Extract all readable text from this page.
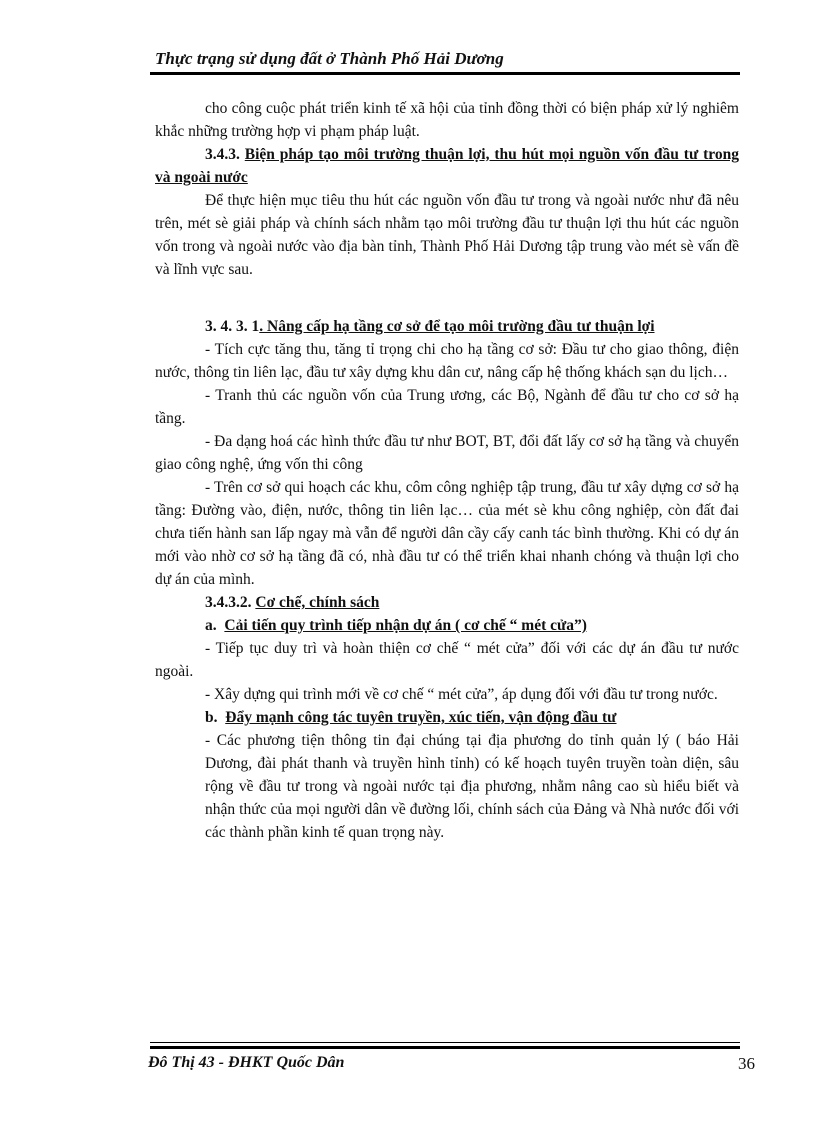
Thực trạng sử dụng đất ở Thành Phố Hải Dương

cho công cuộc phát triển kinh tế xã hội của tỉnh đồng thời có biện pháp xử lý nghiêm khắc những trường hợp vi phạm pháp luật.

3.4.3. Biện pháp tạo môi trường thuận lợi, thu hút mọi nguồn vốn đầu tư trong và ngoài nước

Để thực hiện mục tiêu thu hút các nguồn vốn đầu tư trong và ngoài nước như đã nêu trên, mét sè giải pháp và chính sách nhằm tạo môi trường đầu tư thuận lợi thu hút các nguồn vốn trong và ngoài nước vào địa bàn tỉnh, Thành Phố Hải Dương tập trung vào mét sè vấn đề và lĩnh vực sau.

3. 4. 3. 1. Nâng cấp hạ tầng cơ sở để tạo môi trường đầu tư thuận lợi

- Tích cực tăng thu, tăng tỉ trọng chi cho hạ tầng cơ sở: Đầu tư cho giao thông, điện nước, thông tin liên lạc, đầu tư xây dựng khu dân cư, nâng cấp hệ thống khách sạn du lịch…

- Tranh thủ các nguồn vốn của Trung ương, các Bộ, Ngành để đầu tư cho cơ sở hạ tầng.

- Đa dạng hoá các hình thức đầu tư như BOT, BT, đổi đất lấy cơ sở hạ tầng và chuyển giao công nghệ, ứng vốn thi công

- Trên cơ sở qui hoạch các khu, côm công nghiệp tập trung, đầu tư xây dựng cơ sở hạ tầng: Đường vào, điện, nước, thông tin liên lạc… của mét sè khu công nghiệp, còn đất đai chưa tiến hành san lấp ngay mà vẫn để người dân cầy cấy canh tác bình thường. Khi có dự án mới vào nhờ cơ sở hạ tầng đã có, nhà đầu tư có thể triển khai nhanh chóng và thuận lợi cho dự án của mình.

3.4.3.2. Cơ chế, chính sách

a. Cải tiến quy trình tiếp nhận dự án ( cơ chế “ mét cửa”)

- Tiếp tục duy trì và hoàn thiện cơ chế “ mét cửa” đối với các dự án đầu tư nước ngoài.

- Xây dựng qui trình mới về cơ chế “ mét cửa”, áp dụng đối với đầu tư trong nước.

b. Đẩy mạnh công tác tuyên truyền, xúc tiến, vận động đầu tư

- Các phương tiện thông tin đại chúng tại địa phương do tỉnh quản lý ( báo Hải Dương, đài phát thanh và truyền hình tỉnh) có kế hoạch tuyên truyền toàn diện, sâu rộng về đầu tư trong và ngoài nước tại địa phương, nhằm nâng cao sù hiểu biết và nhận thức của mọi người dân về đường lối, chính sách của Đảng và Nhà nước đối với các thành phần kinh tế quan trọng này.

Đô Thị 43 - ĐHKT Quốc Dân	36
